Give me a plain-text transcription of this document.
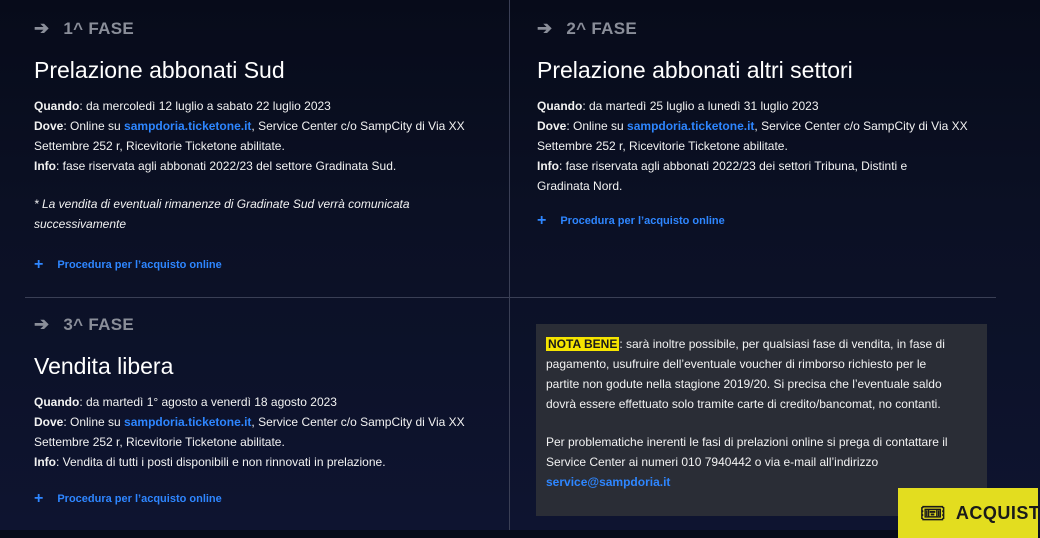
➔ 1^ FASE
Prelazione abbonati Sud
Quando: da mercoledì 12 luglio a sabato 22 luglio 2023
Dove: Online su sampdoria.ticketone.it, Service Center c/o SampCity di Via XX
Settembre 252 r, Ricevitorie Ticketone abilitate.
Info: fase riservata agli abbonati 2022/23 del settore Gradinata Sud.
* La vendita di eventuali rimanenze di Gradinate Sud verrà comunicata
successivamente
+ Procedura per l’acquisto online
➔ 2^ FASE
Prelazione abbonati altri settori
Quando: da martedì 25 luglio a lunedì 31 luglio 2023
Dove: Online su sampdoria.ticketone.it, Service Center c/o SampCity di Via XX
Settembre 252 r, Ricevitorie Ticketone abilitate.
Info: fase riservata agli abbonati 2022/23 dei settori Tribuna, Distinti e
Gradinata Nord.
+ Procedura per l’acquisto online
➔ 3^ FASE
Vendita libera
Quando: da martedì 1° agosto a venerdì 18 agosto 2023
Dove: Online su sampdoria.ticketone.it, Service Center c/o SampCity di Via XX
Settembre 252 r, Ricevitorie Ticketone abilitate.
Info: Vendita di tutti i posti disponibili e non rinnovati in prelazione.
+ Procedura per l’acquisto online

NOTA BENE : sarà inoltre possibile, per qualsiasi fase di vendita, in fase di
pagamento, usufruire dell’eventuale voucher di rimborso richiesto per le
partite non godute nella stagione 2019/20. Si precisa che l’eventuale saldo
dovrà essere effettuato solo tramite carte di credito/bancomat, no contanti.

Per problematiche inerenti le fasi di prelazioni online si prega di contattare il
Service Center ai numeri 010 7940442 o via e-mail all’indirizzo
service@sampdoria.it

🎟 ACQUIST
